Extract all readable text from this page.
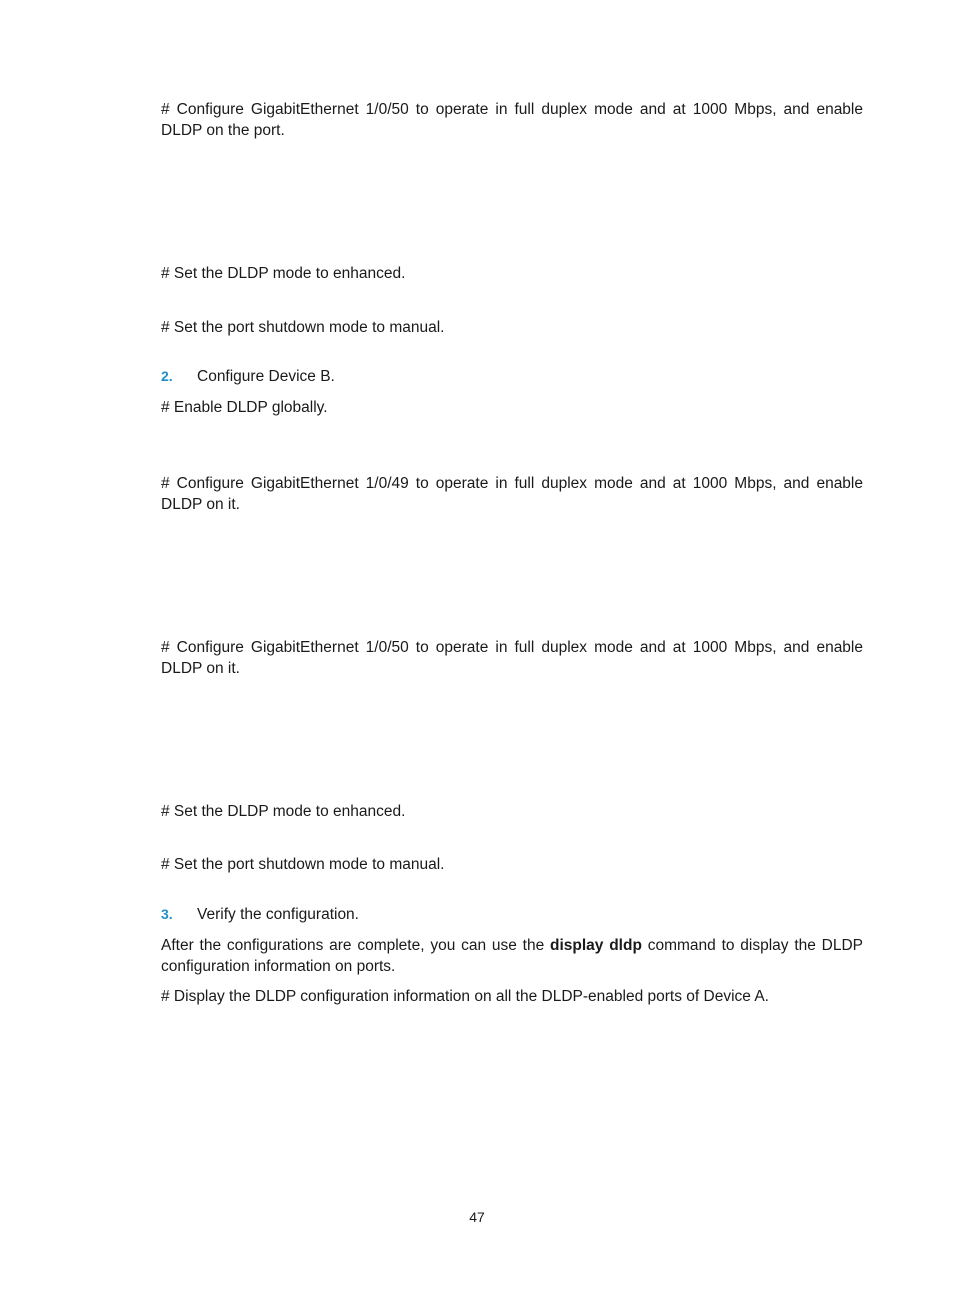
# Configure GigabitEthernet 1/0/50 to operate in full duplex mode and at 1000 Mbps, and enable DLDP on the port.

# Set the DLDP mode to enhanced.

# Set the port shutdown mode to manual.

2. Configure Device B.

# Enable DLDP globally.

# Configure GigabitEthernet 1/0/49 to operate in full duplex mode and at 1000 Mbps, and enable DLDP on it.

# Configure GigabitEthernet 1/0/50 to operate in full duplex mode and at 1000 Mbps, and enable DLDP on it.

# Set the DLDP mode to enhanced.

# Set the port shutdown mode to manual.

3. Verify the configuration.

After the configurations are complete, you can use the display dldp command to display the DLDP configuration information on ports.

# Display the DLDP configuration information on all the DLDP-enabled ports of Device A.

47
